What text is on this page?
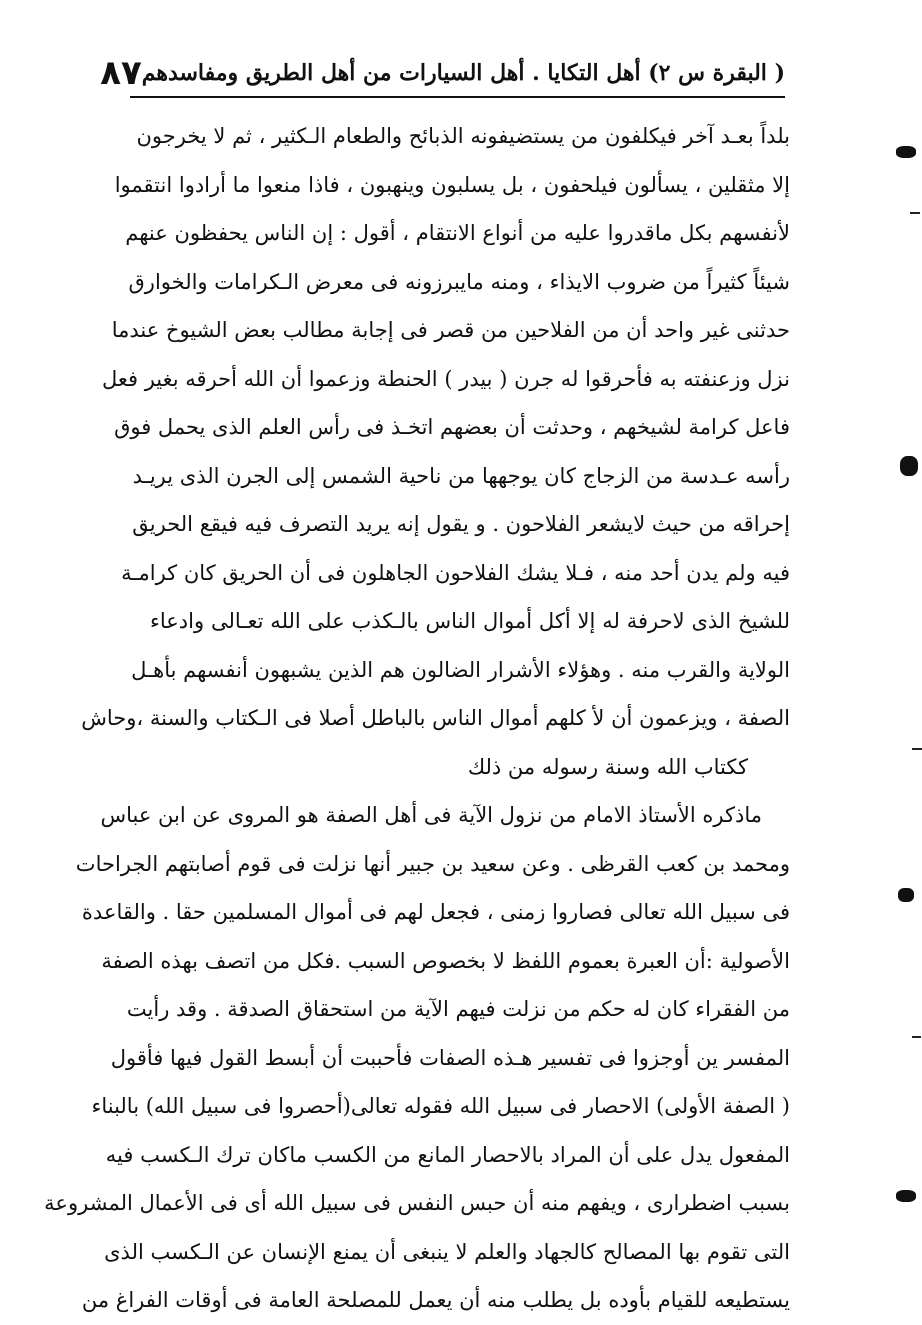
( البقرة س ٢) أهل التكايا . أهل السيارات من أهل الطريق ومفاسدهم
٨٧
بلداً بعـد آخر فيكلفون من يستضيفونه الذبائح والطعام الـكثير ، ثم لا يخرجون
إلا مثقلين ، يسألون فيلحفون ، بل يسلبون وينهبون ، فاذا منعوا ما أرادوا انتقموا
لأنفسهم بكل ماقدروا عليه من أنواع الانتقام ، أقول : إن الناس يحفظون عنهم
شيئاً كثيراً من ضروب الايذاء ، ومنه مايبرزونه فى معرض الـكرامات والخوارق
حدثنى غير واحد أن من الفلاحين من قصر فى إجابة مطالب بعض الشيوخ عندما
نزل وزعنفته به فأحرقوا له جرن ( بيدر ) الحنطة وزعموا أن الله أحرقه بغير فعل
فاعل كرامة لشيخهم ، وحدثت أن بعضهم اتخـذ فى رأس العلم الذى يحمل فوق
رأسه عـدسة من الزجاج كان يوجهها من ناحية الشمس إلى الجرن الذى يريـد
إحراقه من حيث لايشعر الفلاحون . و يقول إنه يريد التصرف فيه فيقع الحريق
فيه ولم يدن أحد منه ، فـلا يشك الفلاحون الجاهلون فى أن الحريق كان كرامـة
للشيخ الذى لاحرفة له إلا أكل أموال الناس بالـكذب على الله تعـالى وادعاء
الولاية والقرب منه . وهؤلاء الأشرار الضالون هم الذين يشبهون أنفسهم بأهـل
الصفة ، ويزعمون أن لأ كلهم أموال الناس بالباطل أصلا فى الـكتاب والسنة ،وحاش
ككتاب الله وسنة رسوله من ذلك
ماذكره الأستاذ الامام من نزول الآية فى أهل الصفة هو المروى عن ابن عباس
ومحمد بن كعب القرظى . وعن سعيد بن جبير أنها نزلت فى قوم أصابتهم الجراحات
فى سبيل الله تعالى فصاروا زمنى ، فجعل لهم فى أموال المسلمين حقا . والقاعدة
الأصولية :أن العبرة بعموم اللفظ لا بخصوص السبب .فكل من اتصف بهذه الصفة
من الفقراء كان له حكم من نزلت فيهم الآية من استحقاق الصدقة . وقد رأيت
المفسر ين أوجزوا فى تفسير هـذه الصفات فأحببت أن أبسط القول فيها فأقول
( الصفة الأولى) الاحصار فى سبيل الله فقوله تعالى(أحصروا فى سبيل الله) بالبناء
المفعول يدل على أن المراد بالاحصار المانع من الكسب ماكان ترك الـكسب فيه
بسبب اضطرارى ، ويفهم منه أن حبس النفس فى سبيل الله أى فى الأعمال المشروعة
التى تقوم بها المصالح كالجهاد والعلم لا ينبغى أن يمنع الإنسان عن الـكسب الذى
يستطيعه للقيام بأوده بل يطلب منه أن يعمل للمصلحة العامة فى أوقات الفراغ من
